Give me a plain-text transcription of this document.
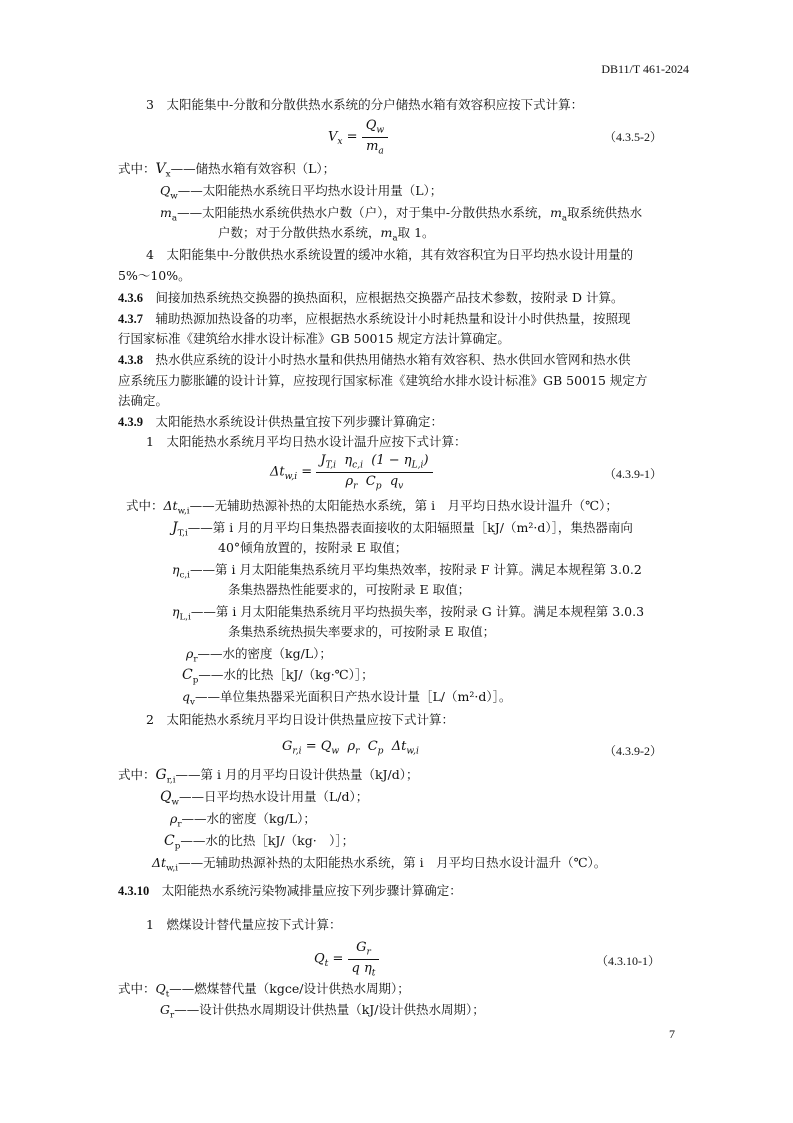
DB11/T 461-2024
3　太阳能集中-分散和分散供热水系统的分户储热水箱有效容积应按下式计算：
$V_x = \frac{Q_w}{m_a}$	（4.3.5-2）
式中：$V_x——$储热水箱有效容积（L）；
$Q_w——$太阳能热水系统日平均热水设计用量（L）；
$m_a——$太阳能热水系统供热水户数（户），对于集中-分散供热水系统，$m_a$取系统供热水
户数；对于分散供热水系统，$m_a$取 1。
4　太阳能集中-分散供热水系统设置的缓冲水箱，其有效容积宜为日平均热水设计用量的
5%～10%。
4.3.6　 间接加热系统热交换器的换热面积，应根据热交换器产品技术参数，按附录 D 计算。
4.3.7　 辅助热源加热设备的功率，应根据热水系统设计小时耗热量和设计小时供热量，按照现
行国家标准《建筑给水排水设计标准》GB 50015 规定方法计算确定。
4.3.8　 热水供应系统的设计小时热水量和供热用储热水箱有效容积、热水供回水管网和热水供
应系统压力膨胀罐的设计计算，应按现行国家标准《建筑给水排水设计标准》GB 50015 规定方
法确定。
4.3.9　 太阳能热水系统设计供热量宜按下列步骤计算确定：
1　太阳能热水系统月平均日热水设计温升应按下式计算：
$\Delta t_{w,i} = \frac{J_{T,i} \eta_{c,i} (1 - \eta_{L,i})}{\rho_r C_p q_v}$	（4.3.9-1）
式中：$\Delta t_{w,i}——$无辅助热源补热的太阳能热水系统，第 i　月平均日热水设计温升（℃）；
$J_{T,i}——$第 i 月的月平均日集热器表面接收的太阳辐照量［kJ/（m²·d）］，集热器南向
40°倾角放置的，按附录 E 取值；
$\eta_{c,i}——$第 i 月太阳能集热系统月平均集热效率，按附录 F 计算。满足本规程第 3.0.2
条集热器热性能要求的，可按附录 E 取值；
$\eta_{L,i}——$第 i 月太阳能集热系统月平均热损失率，按附录 G 计算。满足本规程第 3.0.3
条集热系统热损失率要求的，可按附录 E 取值；
$\rho_r——$水的密度（kg/L）；
$C_p——$水的比热［kJ/（kg·℃）］；
$q_v——$单位集热器采光面积日产热水设计量［L/（m²·d）］。
2　太阳能热水系统月平均日设计供热量应按下式计算：
$G_{r,i} = Q_w$ $\rho_r$ $C_p$ $\Delta t_{w,i}$	（4.3.9-2）
式中：$G_{r,i}——$第 i 月的月平均日设计供热量（kJ/d）；
$Q_w——$日平均热水设计用量（L/d）；
$\rho_r——$水的密度（kg/L）；
$C_p——$水的比热［kJ/（kg·　）］；
$\Delta t_{w,i}——$无辅助热源补热的太阳能热水系统，第 i　月平均日热水设计温升（℃）。
4.3.10　 太阳能热水系统污染物减排量应按下列步骤计算确定：
1　燃煤设计替代量应按下式计算：
$Q_t = \frac{G_r}{q \eta_t}$	（4.3.10-1）
式中：$Q_t——$燃煤替代量（kgce/设计供热水周期）；
$G_r——$设计供热水周期设计供热量（kJ/设计供热水周期）；
7
